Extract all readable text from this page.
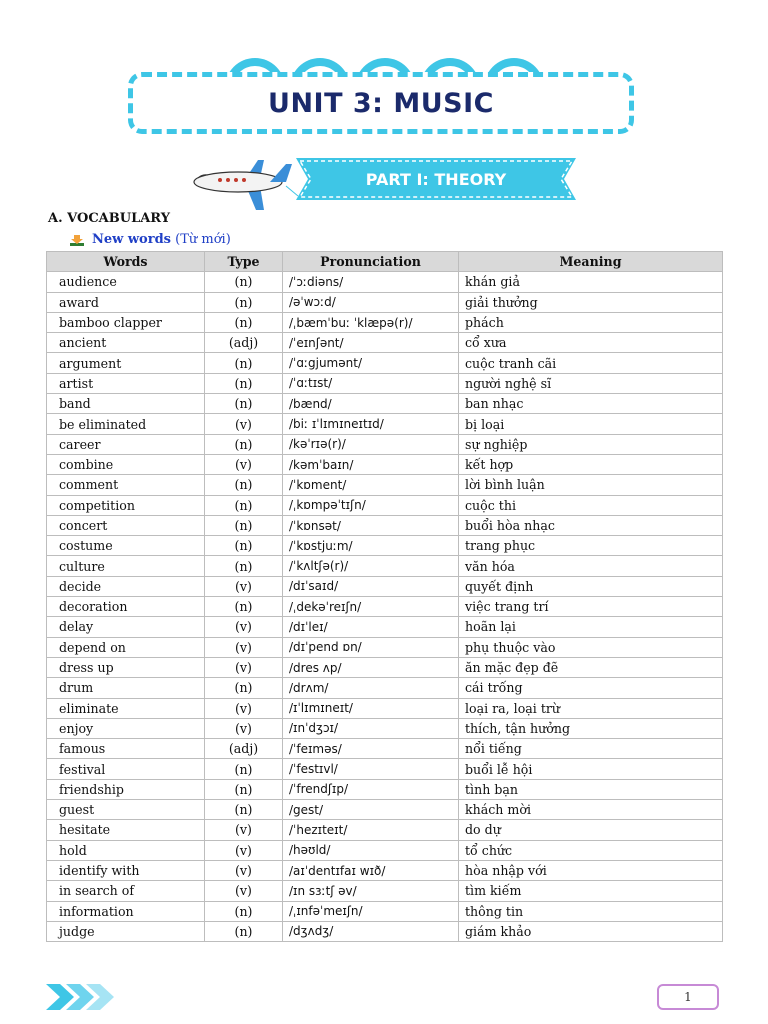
UNIT 3: MUSIC
PART I: THEORY
A. VOCABULARY
New words (Từ mới)
Words	Type	Pronunciation	Meaning
audience	(n)	/ˈɔːdiəns/	khán giả
award	(n)	/əˈwɔːd/	giải thưởng
bamboo clapper	(n)	/ˌbæmˈbuː ˈklæpə(r)/	phách
ancient	(adj)	/ˈeɪnʃənt/	cổ xưa
argument	(n)	/ˈɑːgjumənt/	cuộc tranh cãi
artist	(n)	/ˈɑːtɪst/	người nghệ sĩ
band	(n)	/bænd/	ban nhạc
be eliminated	(v)	/biː ɪˈlɪmɪneɪtɪd/	bị loại
career	(n)	/kəˈrɪə(r)/	sự nghiệp
combine	(v)	/kəmˈbaɪn/	kết hợp
comment	(n)	/ˈkɒment/	lời bình luận
competition	(n)	/ˌkɒmpəˈtɪʃn/	cuộc thi
concert	(n)	/ˈkɒnsət/	buổi hòa nhạc
costume	(n)	/ˈkɒstjuːm/	trang phục
culture	(n)	/ˈkʌltʃə(r)/	văn hóa
decide	(v)	/dɪˈsaɪd/	quyết định
decoration	(n)	/ˌdekəˈreɪʃn/	việc trang trí
delay	(v)	/dɪˈleɪ/	hoãn lại
depend on	(v)	/dɪˈpend ɒn/	phụ thuộc vào
dress up	(v)	/dres ʌp/	ăn mặc đẹp đẽ
drum	(n)	/drʌm/	cái trống
eliminate	(v)	/ɪˈlɪmɪneɪt/	loại ra, loại trừ
enjoy	(v)	/ɪnˈdʒɔɪ/	thích, tận hưởng
famous	(adj)	/ˈfeɪməs/	nổi tiếng
festival	(n)	/ˈfestɪvl/	buổi lễ hội
friendship	(n)	/ˈfrendʃɪp/	tình bạn
guest	(n)	/gest/	khách mời
hesitate	(v)	/ˈhezɪteɪt/	do dự
hold	(v)	/həʊld/	tổ chức
identify with	(v)	/aɪˈdentɪfaɪ wɪð/	hòa nhập với
in search of	(v)	/ɪn sɜːtʃ əv/	tìm kiếm
information	(n)	/ˌɪnfəˈmeɪʃn/	thông tin
judge	(n)	/dʒʌdʒ/	giám khảo
1
